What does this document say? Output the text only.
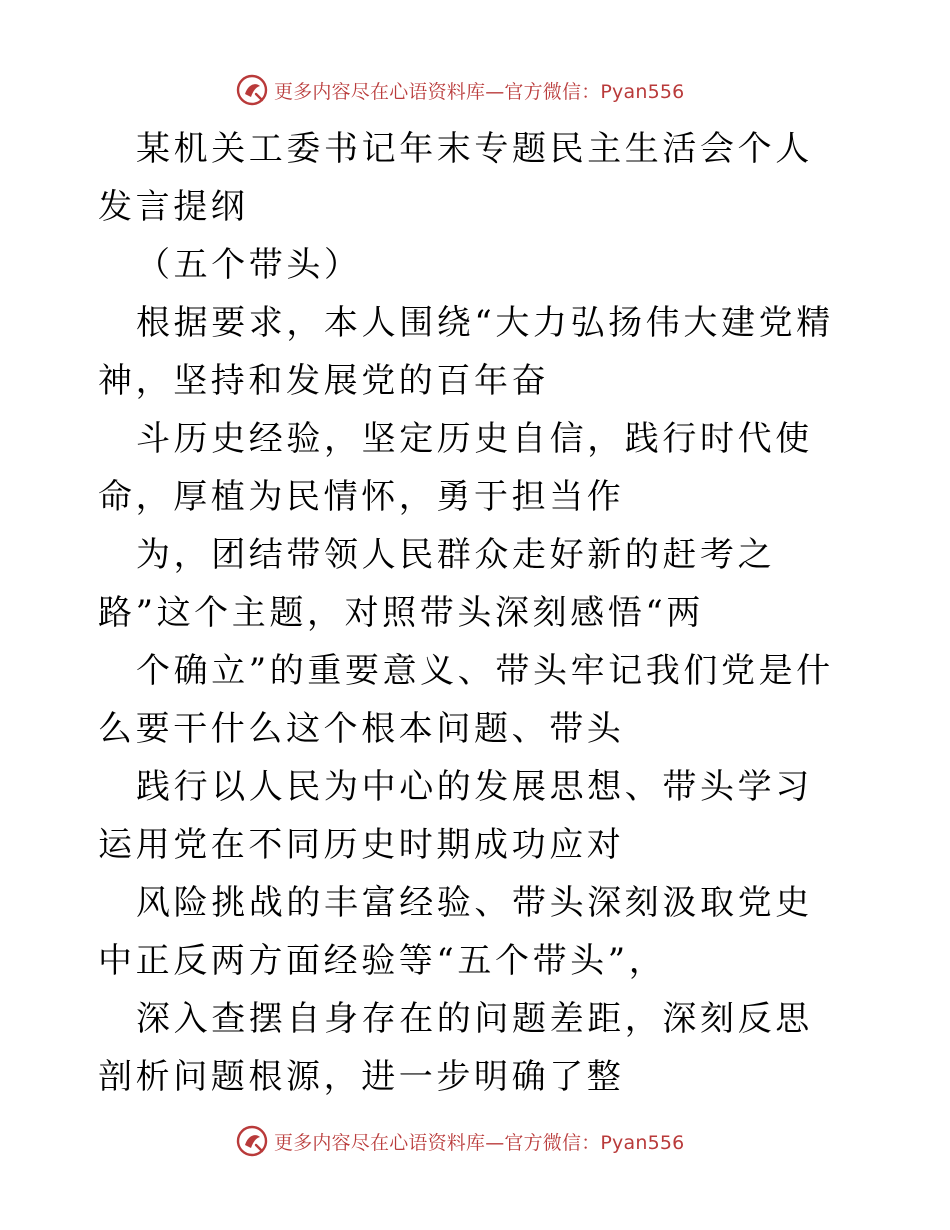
更多内容尽在心语资料库—官方微信：Pyan556

某机关工委书记年末专题民主生活会个人发言提纲

（五个带头）

根据要求，本人围绕“大力弘扬伟大建党精神，坚持和发展党的百年奋

斗历史经验，坚定历史自信，践行时代使命，厚植为民情怀，勇于担当作

为，团结带领人民群众走好新的赶考之路”这个主题，对照带头深刻感悟“两

个确立”的重要意义、带头牢记我们党是什么要干什么这个根本问题、带头

践行以人民为中心的发展思想、带头学习运用党在不同历史时期成功应对

风险挑战的丰富经验、带头深刻汲取党史中正反两方面经验等“五个带头”，

深入查摆自身存在的问题差距，深刻反思剖析问题根源，进一步明确了整

更多内容尽在心语资料库—官方微信：Pyan556
